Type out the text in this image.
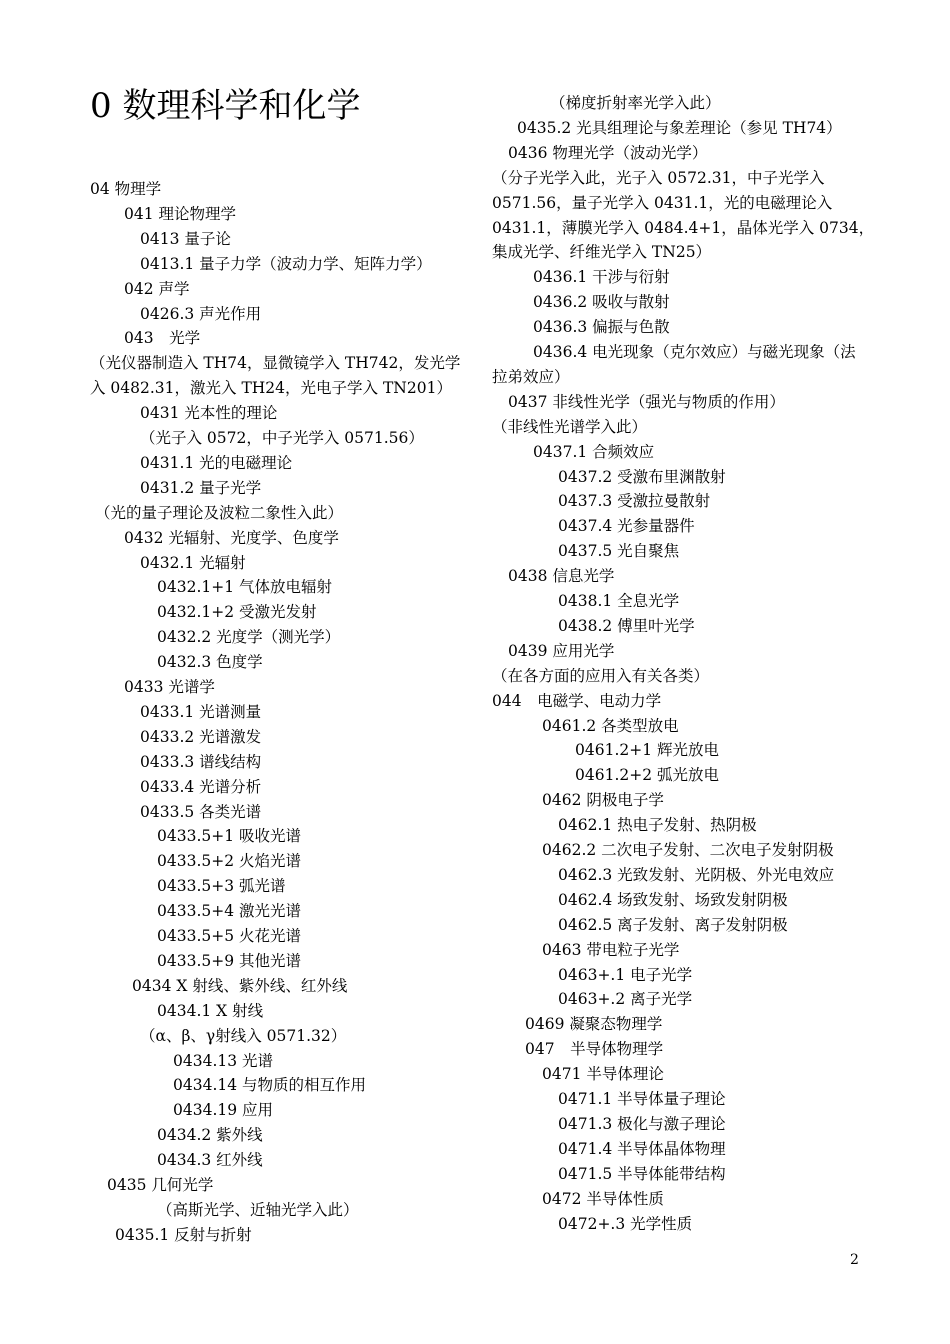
0 数理科学和化学
04 物理学
041 理论物理学
0413 量子论
0413.1 量子力学（波动力学、矩阵力学）
042 声学
0426.3 声光作用
043　光学
（光仪器制造入 TH74，显微镜学入 TH742，发光学
入 0482.31，激光入 TH24，光电子学入 TN201）
0431 光本性的理论
（光子入 0572，中子光学入 0571.56）
0431.1 光的电磁理论
0431.2 量子光学
（光的量子理论及波粒二象性入此）
0432 光辐射、光度学、色度学
0432.1 光辐射
0432.1+1 气体放电辐射
0432.1+2 受激光发射
0432.2 光度学（测光学）
0432.3 色度学
0433 光谱学
0433.1 光谱测量
0433.2 光谱激发
0433.3 谱线结构
0433.4 光谱分析
0433.5 各类光谱
0433.5+1 吸收光谱
0433.5+2 火焰光谱
0433.5+3 弧光谱
0433.5+4 激光光谱
0433.5+5 火花光谱
0433.5+9 其他光谱
0434 X 射线、紫外线、红外线
0434.1 X 射线
（α、β、γ射线入 0571.32）
0434.13 光谱
0434.14 与物质的相互作用
0434.19 应用
0434.2 紫外线
0434.3 红外线
0435 几何光学
（高斯光学、近轴光学入此）
0435.1 反射与折射
（梯度折射率光学入此）
0435.2 光具组理论与象差理论（参见 TH74）
0436 物理光学（波动光学）
（分子光学入此，光子入 0572.31，中子光学入
0571.56，量子光学入 0431.1，光的电磁理论入
0431.1，薄膜光学入 0484.4+1，晶体光学入 0734，
集成光学、纤维光学入 TN25）
0436.1 干涉与衍射
0436.2 吸收与散射
0436.3 偏振与色散
0436.4 电光现象（克尔效应）与磁光现象（法
拉弟效应）
0437 非线性光学（强光与物质的作用）
（非线性光谱学入此）
0437.1 合频效应
0437.2 受激布里渊散射
0437.3 受激拉曼散射
0437.4 光参量器件
0437.5 光自聚焦
0438 信息光学
0438.1 全息光学
0438.2 傅里叶光学
0439 应用光学
（在各方面的应用入有关各类）
044　电磁学、电动力学
0461.2 各类型放电
0461.2+1 辉光放电
0461.2+2 弧光放电
0462 阴极电子学
0462.1 热电子发射、热阴极
0462.2 二次电子发射、二次电子发射阴极
0462.3 光致发射、光阴极、外光电效应
0462.4 场致发射、场致发射阴极
0462.5 离子发射、离子发射阴极
0463 带电粒子光学
0463+.1 电子光学
0463+.2 离子光学
0469 凝聚态物理学
047　半导体物理学
0471 半导体理论
0471.1 半导体量子理论
0471.3 极化与激子理论
0471.4 半导体晶体物理
0471.5 半导体能带结构
0472 半导体性质
0472+.3 光学性质
2
